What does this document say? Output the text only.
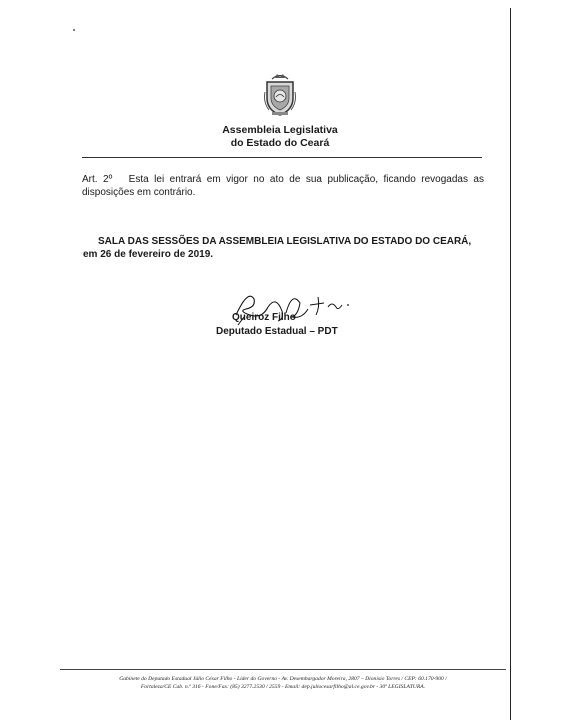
Assembleia Legislativa
do Estado do Ceará
Art. 2º Esta lei entrará em vigor no ato de sua publicação, ficando revogadas as disposições em contrário.
SALA DAS SESSÕES DA ASSEMBLEIA LEGISLATIVA DO ESTADO DO CEARÁ,
em 26 de fevereiro de 2019.
Queiroz Filho
Deputado Estadual – PDT
Gabinete do Deputado Estadual Júlio César Filho - Líder do Governo - Av. Desembargador Moreira, 2807 – Dionísio Torres / CEP: 60.170-900 /
Fortaleza/CE Cab. n.º 316 - Fone/Fax: (85) 3277.2530 / 2559 - Email: dep.juliocesarfilho@al.ce.gov.br - 30ª LEGISLATURA.
